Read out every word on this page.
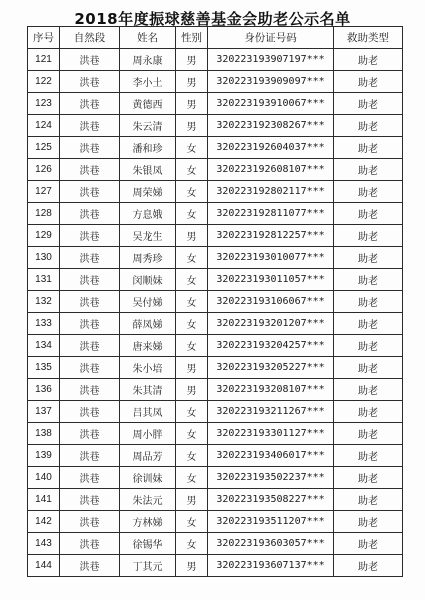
2018年度振球慈善基金会助老公示名单
序号	自然段	姓名	性别	身份证号码	救助类型
121	洪巷	周永康	男	320223193907197***	助老
122	洪巷	李小土	男	320223193909097***	助老
123	洪巷	黄德西	男	320223193910067***	助老
124	洪巷	朱云清	男	320223192308267***	助老
125	洪巷	潘和珍	女	320223192604037***	助老
126	洪巷	朱银凤	女	320223192608107***	助老
127	洪巷	周荣娣	女	320223192802117***	助老
128	洪巷	方息娥	女	320223192811077***	助老
129	洪巷	吴龙生	男	320223192812257***	助老
130	洪巷	周秀珍	女	320223193010077***	助老
131	洪巷	闵顺妹	女	320223193011057***	助老
132	洪巷	吴付娣	女	320223193106067***	助老
133	洪巷	薛凤娣	女	320223193201207***	助老
134	洪巷	唐来娣	女	320223193204257***	助老
135	洪巷	朱小培	男	320223193205227***	助老
136	洪巷	朱其清	男	320223193208107***	助老
137	洪巷	吕其凤	女	320223193211267***	助老
138	洪巷	周小胖	女	320223193301127***	助老
139	洪巷	周品芳	女	320223193406017***	助老
140	洪巷	徐训妹	女	320223193502237***	助老
141	洪巷	朱法元	男	320223193508227***	助老
142	洪巷	方林娣	女	320223193511207***	助老
143	洪巷	徐锡华	女	320223193603057***	助老
144	洪巷	丁其元	男	320223193607137***	助老
